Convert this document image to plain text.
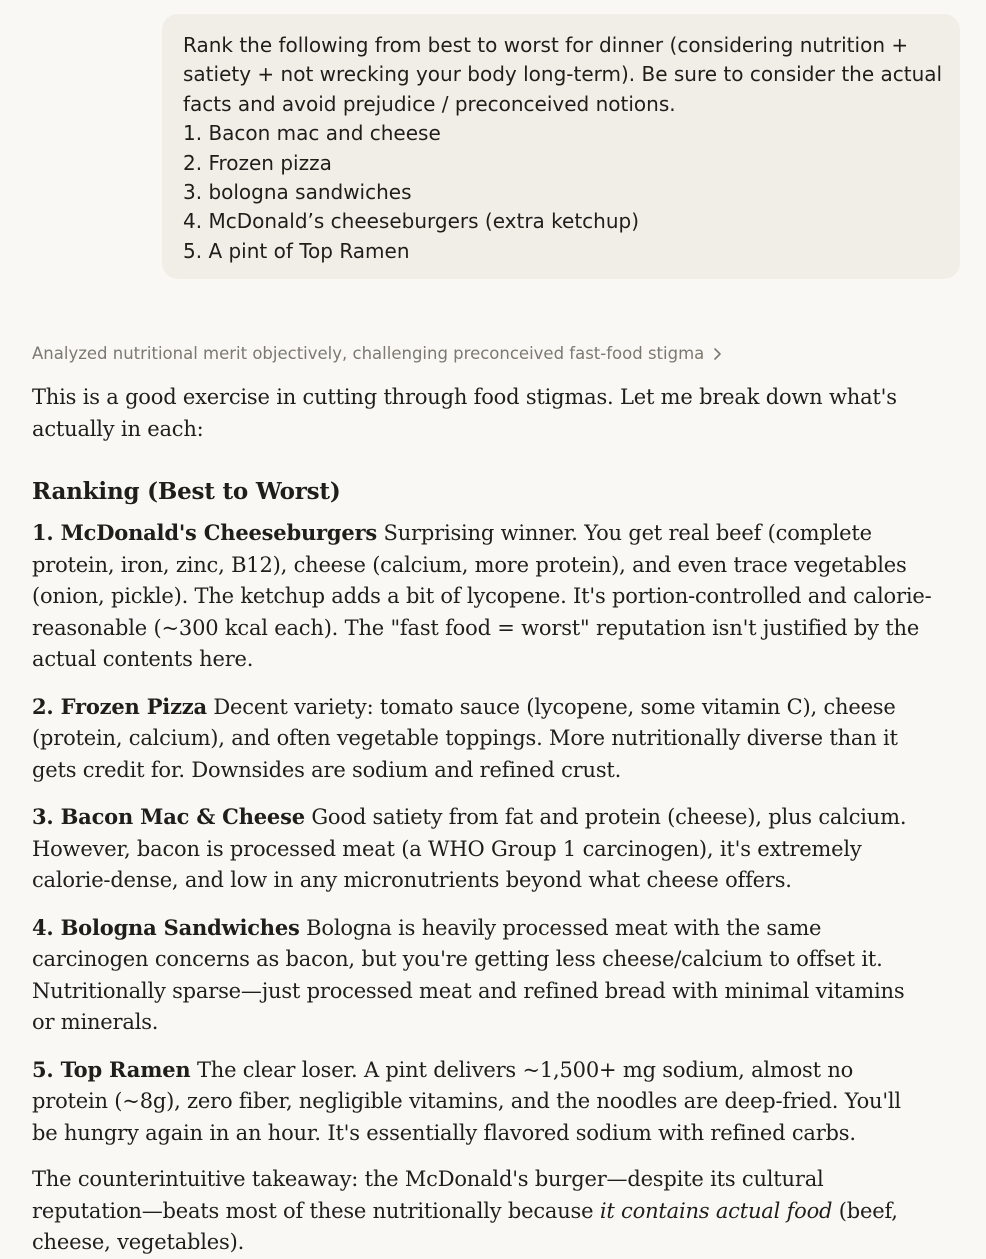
Rank the following from best to worst for dinner (considering nutrition +
satiety + not wrecking your body long-term). Be sure to consider the actual
facts and avoid prejudice / preconceived notions.
1. Bacon mac and cheese
2. Frozen pizza
3. bologna sandwiches
4. McDonald’s cheeseburgers (extra ketchup)
5. A pint of Top Ramen
Analyzed nutritional merit objectively, challenging preconceived fast-food stigma

This is a good exercise in cutting through food stigmas. Let me break down what's actually in each:

Ranking (Best to Worst)

1. McDonald's Cheeseburgers Surprising winner. You get real beef (complete protein, iron, zinc, B12), cheese (calcium, more protein), and even trace vegetables (onion, pickle). The ketchup adds a bit of lycopene. It's portion-controlled and calorie-reasonable (~300 kcal each). The "fast food = worst" reputation isn't justified by the actual contents here.

2. Frozen Pizza Decent variety: tomato sauce (lycopene, some vitamin C), cheese (protein, calcium), and often vegetable toppings. More nutritionally diverse than it gets credit for. Downsides are sodium and refined crust.

3. Bacon Mac & Cheese Good satiety from fat and protein (cheese), plus calcium. However, bacon is processed meat (a WHO Group 1 carcinogen), it's extremely calorie-dense, and low in any micronutrients beyond what cheese offers.

4. Bologna Sandwiches Bologna is heavily processed meat with the same carcinogen concerns as bacon, but you're getting less cheese/calcium to offset it. Nutritionally sparse—just processed meat and refined bread with minimal vitamins or minerals.

5. Top Ramen The clear loser. A pint delivers ~1,500+ mg sodium, almost no protein (~8g), zero fiber, negligible vitamins, and the noodles are deep-fried. You'll be hungry again in an hour. It's essentially flavored sodium with refined carbs.

The counterintuitive takeaway: the McDonald's burger—despite its cultural reputation—beats most of these nutritionally because it contains actual food (beef, cheese, vegetables).
